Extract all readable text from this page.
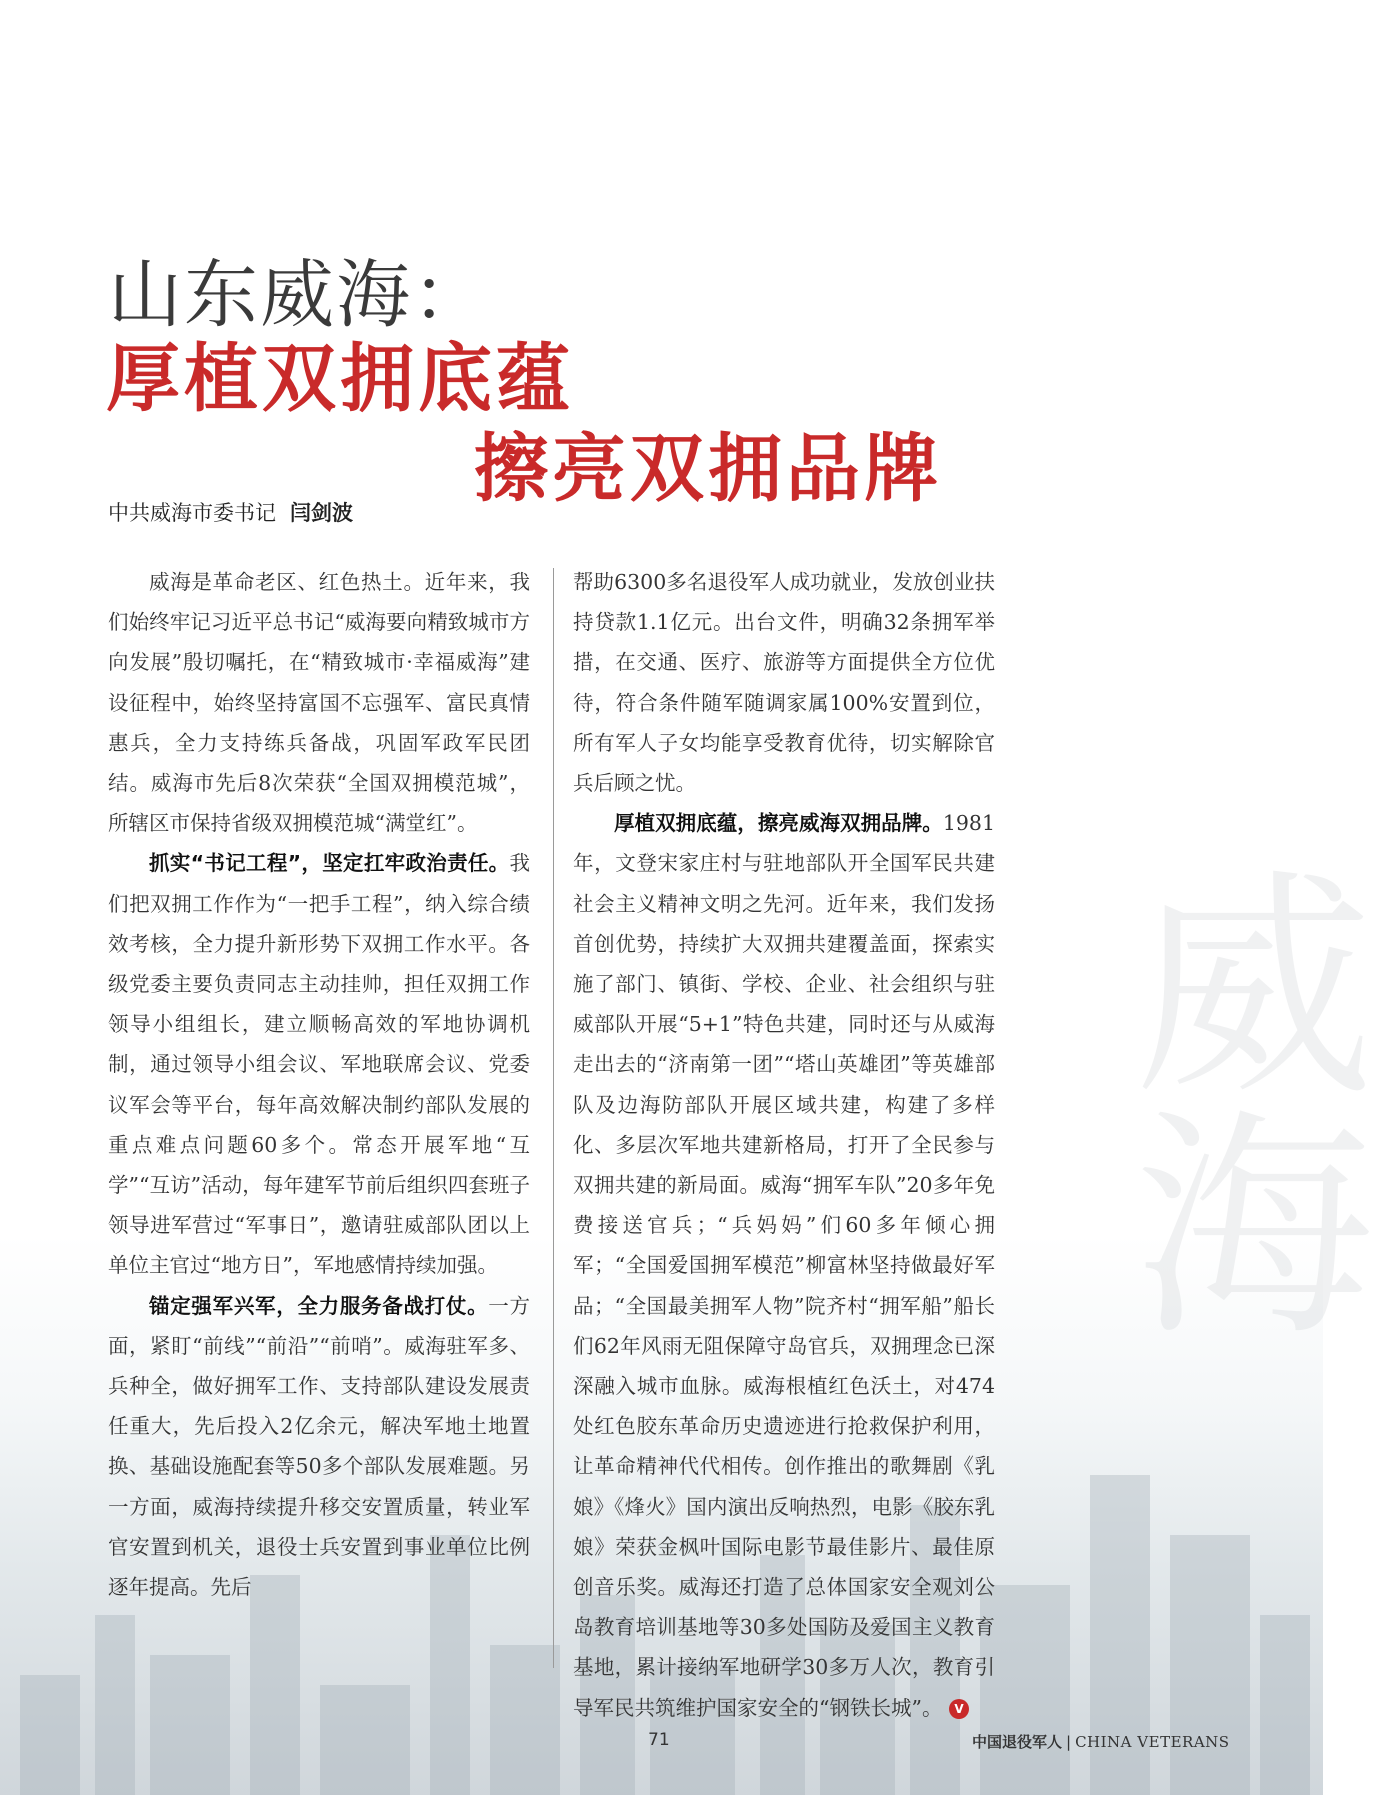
威海
山东威海：
厚植双拥底蕴
擦亮双拥品牌
中共威海市委书记 闫剑波

威海是革命老区、红色热土。近年来，我们始终牢记习近平总书记“威海要向精致城市方向发展”殷切嘱托，在“精致城市·幸福威海”建设征程中，始终坚持富国不忘强军、富民真情惠兵，全力支持练兵备战，巩固军政军民团结。威海市先后8次荣获“全国双拥模范城”，所辖区市保持省级双拥模范城“满堂红”。

抓实“书记工程”，坚定扛牢政治责任。我们把双拥工作作为“一把手工程”，纳入综合绩效考核，全力提升新形势下双拥工作水平。各级党委主要负责同志主动挂帅，担任双拥工作领导小组组长，建立顺畅高效的军地协调机制，通过领导小组会议、军地联席会议、党委议军会等平台，每年高效解决制约部队发展的重点难点问题60多个。常态开展军地“互学”“互访”活动，每年建军节前后组织四套班子领导进军营过“军事日”，邀请驻威部队团以上单位主官过“地方日”，军地感情持续加强。

锚定强军兴军，全力服务备战打仗。一方面，紧盯“前线”“前沿”“前哨”。威海驻军多、兵种全，做好拥军工作、支持部队建设发展责任重大，先后投入2亿余元，解决军地土地置换、基础设施配套等50多个部队发展难题。另一方面，威海持续提升移交安置质量，转业军官安置到机关，退役士兵安置到事业单位比例逐年提高。先后

帮助6300多名退役军人成功就业，发放创业扶持贷款1.1亿元。出台文件，明确32条拥军举措，在交通、医疗、旅游等方面提供全方位优待，符合条件随军随调家属100%安置到位，所有军人子女均能享受教育优待，切实解除官兵后顾之忧。

厚植双拥底蕴，擦亮威海双拥品牌。1981年，文登宋家庄村与驻地部队开全国军民共建社会主义精神文明之先河。近年来，我们发扬首创优势，持续扩大双拥共建覆盖面，探索实施了部门、镇街、学校、企业、社会组织与驻威部队开展“5+1”特色共建，同时还与从威海走出去的“济南第一团”“塔山英雄团”等英雄部队及边海防部队开展区域共建，构建了多样化、多层次军地共建新格局，打开了全民参与双拥共建的新局面。威海“拥军车队”20多年免费接送官兵；“兵妈妈”们60多年倾心拥军；“全国爱国拥军模范”柳富林坚持做最好军品；“全国最美拥军人物”院齐村“拥军船”船长们62年风雨无阻保障守岛官兵，双拥理念已深深融入城市血脉。威海根植红色沃土，对474处红色胶东革命历史遗迹进行抢救保护利用，让革命精神代代相传。创作推出的歌舞剧《乳娘》《烽火》国内演出反响热烈，电影《胶东乳娘》荣获金枫叶国际电影节最佳影片、最佳原创音乐奖。威海还打造了总体国家安全观刘公岛教育培训基地等30多处国防及爱国主义教育基地，累计接纳军地研学30多万人次，教育引导军民共筑维护国家安全的“钢铁长城”。 V

71	中国退役军人 | CHINA VETERANS
